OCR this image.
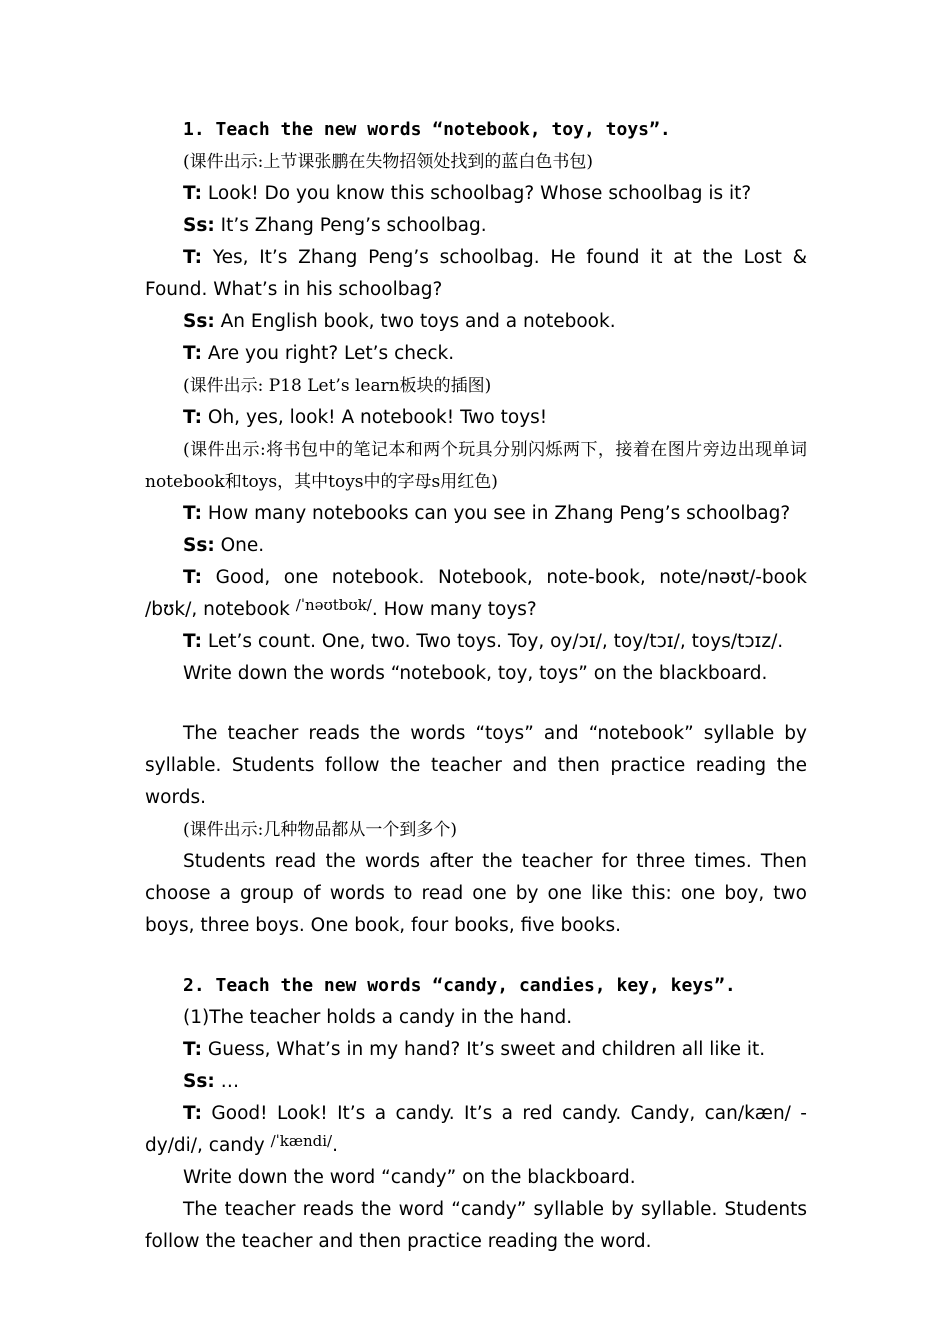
1. Teach the new words “notebook, toy, toys”.

(课件出示:上节课张鹏在失物招领处找到的蓝白色书包)

T: Look! Do you know this schoolbag? Whose schoolbag is it?

Ss: It’s Zhang Peng’s schoolbag.

T: Yes, It’s Zhang Peng’s schoolbag. He found it at the Lost & Found. What’s in his schoolbag?

Ss: An English book, two toys and a notebook.

T: Are you right? Let’s check.

(课件出示: P18 Let’s learn板块的插图)

T: Oh, yes, look! A notebook! Two toys!

(课件出示:将书包中的笔记本和两个玩具分别闪烁两下，接着在图片旁边出现单词notebook和toys，其中toys中的字母s用红色)

T: How many notebooks can you see in Zhang Peng’s schoolbag?

Ss: One.

T: Good, one notebook. Notebook, note-book, note/nəʊt/-book /bʊk/, notebook $^{/ˈnəʊtbʊk/}$. How many toys?

T: Let’s count. One, two. Two toys. Toy, oy/ɔɪ/, toy/tɔɪ/, toys/tɔɪz/.

Write down the words “notebook, toy, toys” on the blackboard.

The teacher reads the words “toys” and “notebook” syllable by syllable. Students follow the teacher and then practice reading the words.

(课件出示:几种物品都从一个到多个)

Students read the words after the teacher for three times. Then choose a group of words to read one by one like this: one boy, two boys, three boys. One book, four books, five books.

2. Teach the new words “candy, candies, key, keys”.

(1)The teacher holds a candy in the hand.

T: Guess, What’s in my hand? It’s sweet and children all like it.

Ss: …

T: Good! Look! It’s a candy. It’s a red candy. Candy, can/kæn/ -dy/di/, candy $^{/ˈkændi/}$.

Write down the word “candy” on the blackboard.

The teacher reads the word “candy” syllable by syllable. Students follow the teacher and then practice reading the word.
